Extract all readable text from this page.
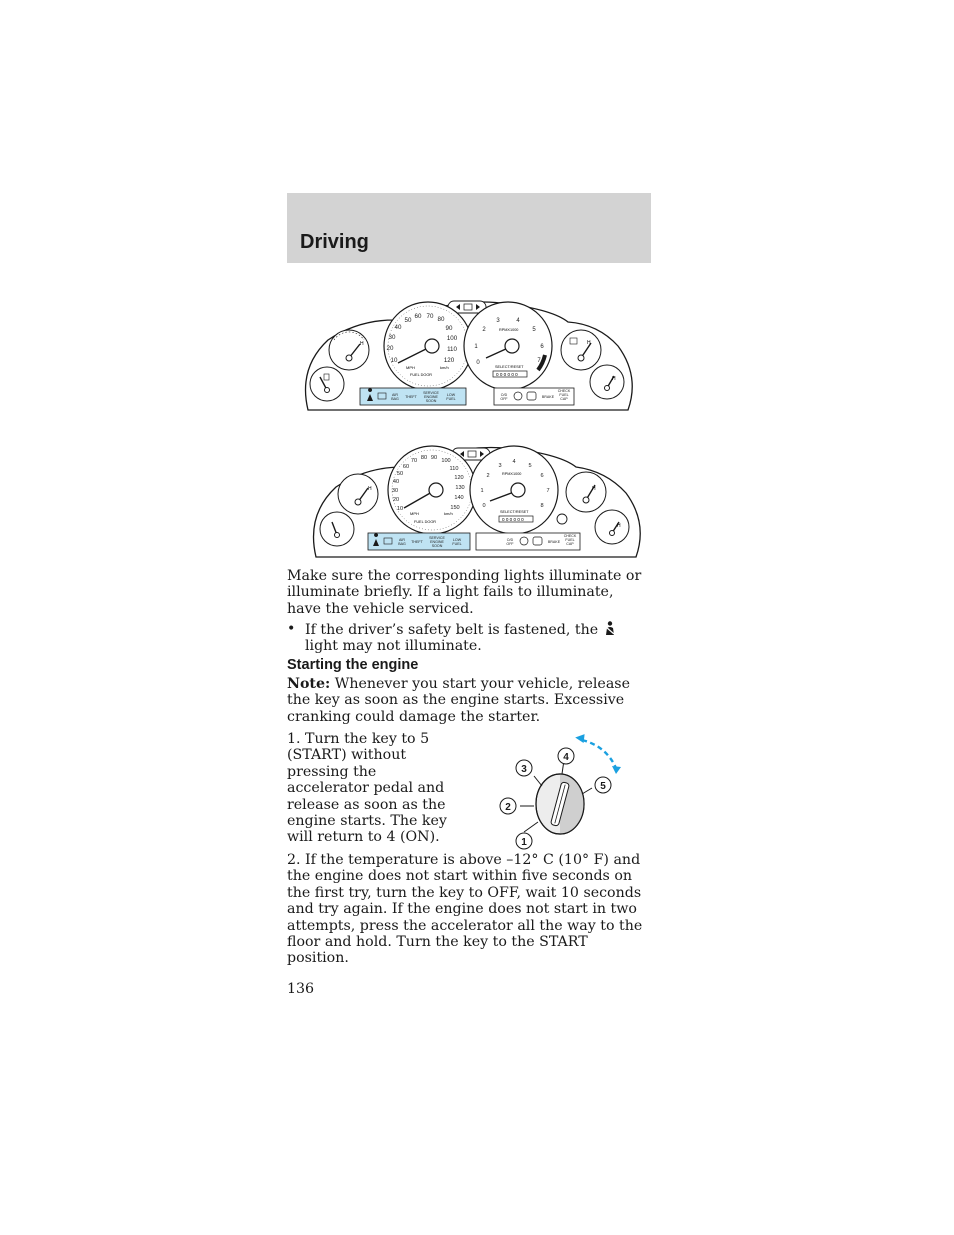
Driving
H
10
20
30
40
50
60 70 80
90
100
110
120
MPH	km/h
FUEL DOOR
0
1
2
3	4
5
6
7
RPMX1000
SELECT/RESET
0 0 0 0 0 0
H
H
AIR BAG THEFT
SERVICE ENGINE SOON
LOW FUEL
O/D OFF	BRAKE
CHECK FUEL CAP
H
10
20
30
40
50
60
70 80 90 100
110
120
130
140
150
MPH	km/h
FUEL DOOR
0
1
2
3
4
5
6
7
8
RPMX1000
SELECT/RESET
0 0 0 0 0 0
H
H
AIR BAG THEFT
SERVICE ENGINE SOON
LOW FUEL
O/D OFF	BRAKE
CHECK FUEL CAP

Make sure the corresponding lights illuminate or illuminate briefly. If a light fails to illuminate, have the vehicle serviced.

• If the driver’s safety belt is fastened, the  light may not illuminate.
Starting the engine

Note: Whenever you start your vehicle, release the key as soon as the engine starts. Excessive cranking could damage the starter.

1. Turn the key to 5 (START) without pressing the accelerator pedal and release as soon as the engine starts. The key will return to 4 (ON).	1
2
3
4
5
2. If the temperature is above –12° C (10° F) and the engine does not start within five seconds on the first try, turn the key to OFF, wait 10 seconds and try again. If the engine does not start in two attempts, press the accelerator all the way to the floor and hold. Turn the key to the START position.
136
